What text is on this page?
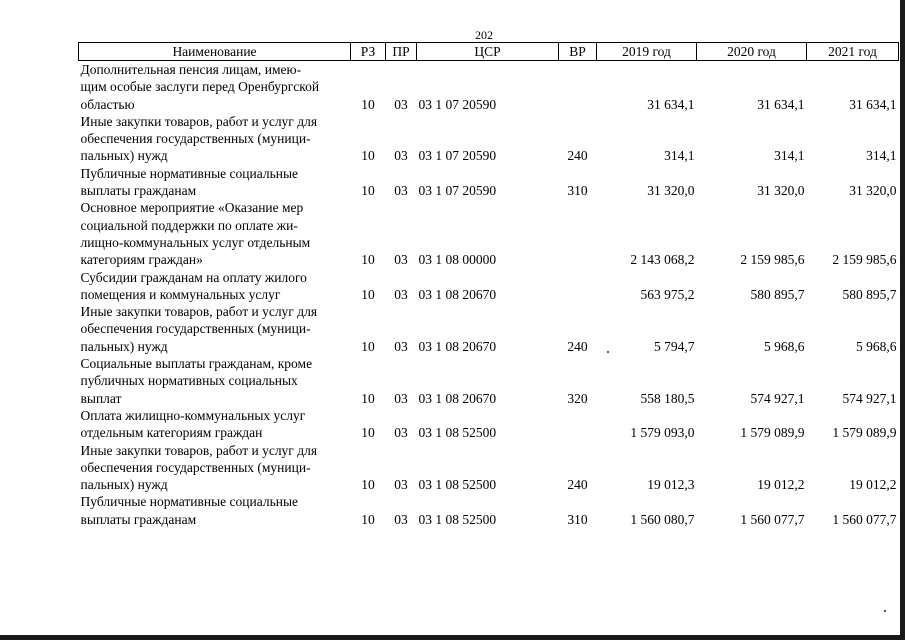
202
Наименование	РЗ	ПР	ЦСР	ВР	2019 год	2020 год	2021 год

Дополнительная пенсия лицам, имею-
щим особые заслуги перед Оренбургской
областью	10	03	03 1 07 20590		31 634,1	31 634,1	31 634,1

Иные закупки товаров, работ и услуг для
обеспечения государственных (муници-
пальных) нужд	10	03	03 1 07 20590	240	314,1	314,1	314,1

Публичные нормативные социальные
выплаты гражданам	10	03	03 1 07 20590	310	31 320,0	31 320,0	31 320,0

Основное мероприятие «Оказание мер
социальной поддержки по оплате жи-
лищно-коммунальных услуг отдельным
категориям граждан»	10	03	03 1 08 00000		2 143 068,2	2 159 985,6	2 159 985,6

Субсидии гражданам на оплату жилого
помещения и коммунальных услуг	10	03	03 1 08 20670		563 975,2	580 895,7	580 895,7

Иные закупки товаров, работ и услуг для
обеспечения государственных (муници-
пальных) нужд	10	03	03 1 08 20670	240	5 794,7	5 968,6	5 968,6

Социальные выплаты гражданам, кроме
публичных нормативных социальных
выплат	10	03	03 1 08 20670	320	558 180,5	574 927,1	574 927,1

Оплата жилищно-коммунальных услуг
отдельным категориям граждан	10	03	03 1 08 52500		1 579 093,0	1 579 089,9	1 579 089,9

Иные закупки товаров, работ и услуг для
обеспечения государственных (муници-
пальных) нужд	10	03	03 1 08 52500	240	19 012,3	19 012,2	19 012,2

Публичные нормативные социальные
выплаты гражданам	10	03	03 1 08 52500	310	1 560 080,7	1 560 077,7	1 560 077,7
